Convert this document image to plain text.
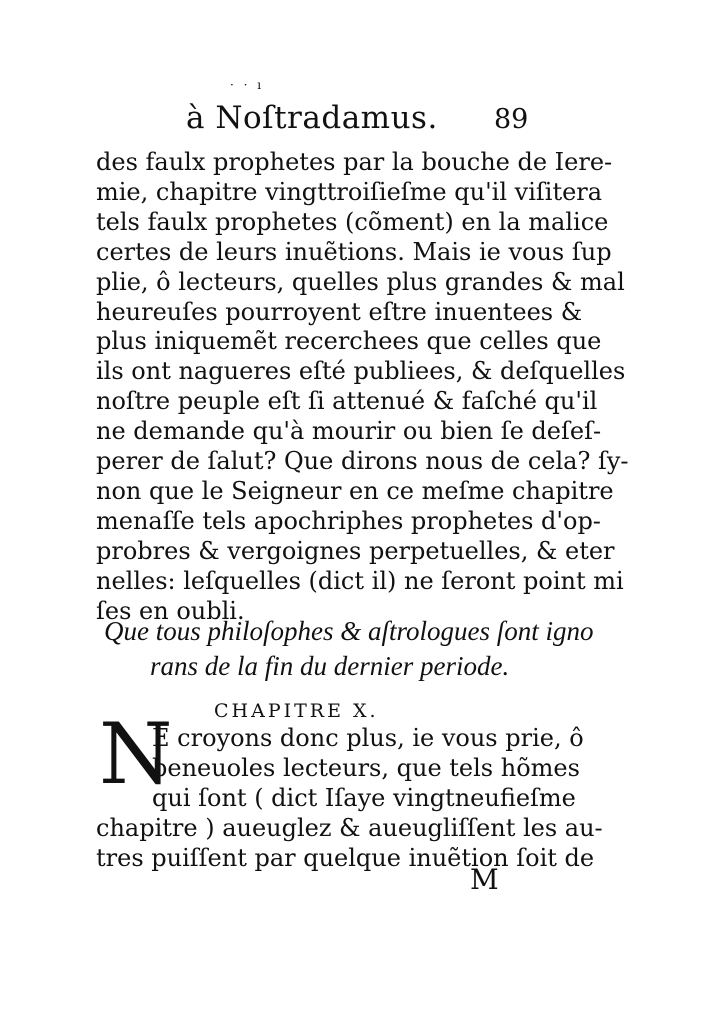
· · ı
à Noſtradamus. 89
des faulx prophetes par la bouche de Iere-
mie, chapitre vingttroiſieſme qu'il viſitera
tels faulx prophetes (cõment) en la malice
certes de leurs inuẽtions. Mais ie vous ſup
plie, ô lecteurs, quelles plus grandes & mal
heureuſes pourroyent eſtre inuentees &
plus iniquemẽt recerchees que celles que
ils ont nagueres eſté publiees, & deſquelles
noſtre peuple eſt ſi attenué & faſché qu'il
ne demande qu'à mourir ou bien ſe deſeſ-
perer de ſalut? Que dirons nous de cela? ſy-
non que le Seigneur en ce meſme chapitre
menaſſe tels apochriphes prophetes d'op-
probres & vergoignes perpetuelles, & eter
nelles: leſquelles (dict il) ne ſeront point mi
ſes en oubli.
Que tous philoſophes & aſtrologues ſont igno
rans de la fin du dernier periode.
CHAPITRE X.
N
E croyons donc plus, ie vous prie, ô
beneuoles lecteurs, que tels hõmes
qui ſont ( dict Iſaye vingtneufieſme
chapitre ) aueuglez & aueugliſſent les au-
tres puiſſent par quelque inuẽtion ſoit de
M
